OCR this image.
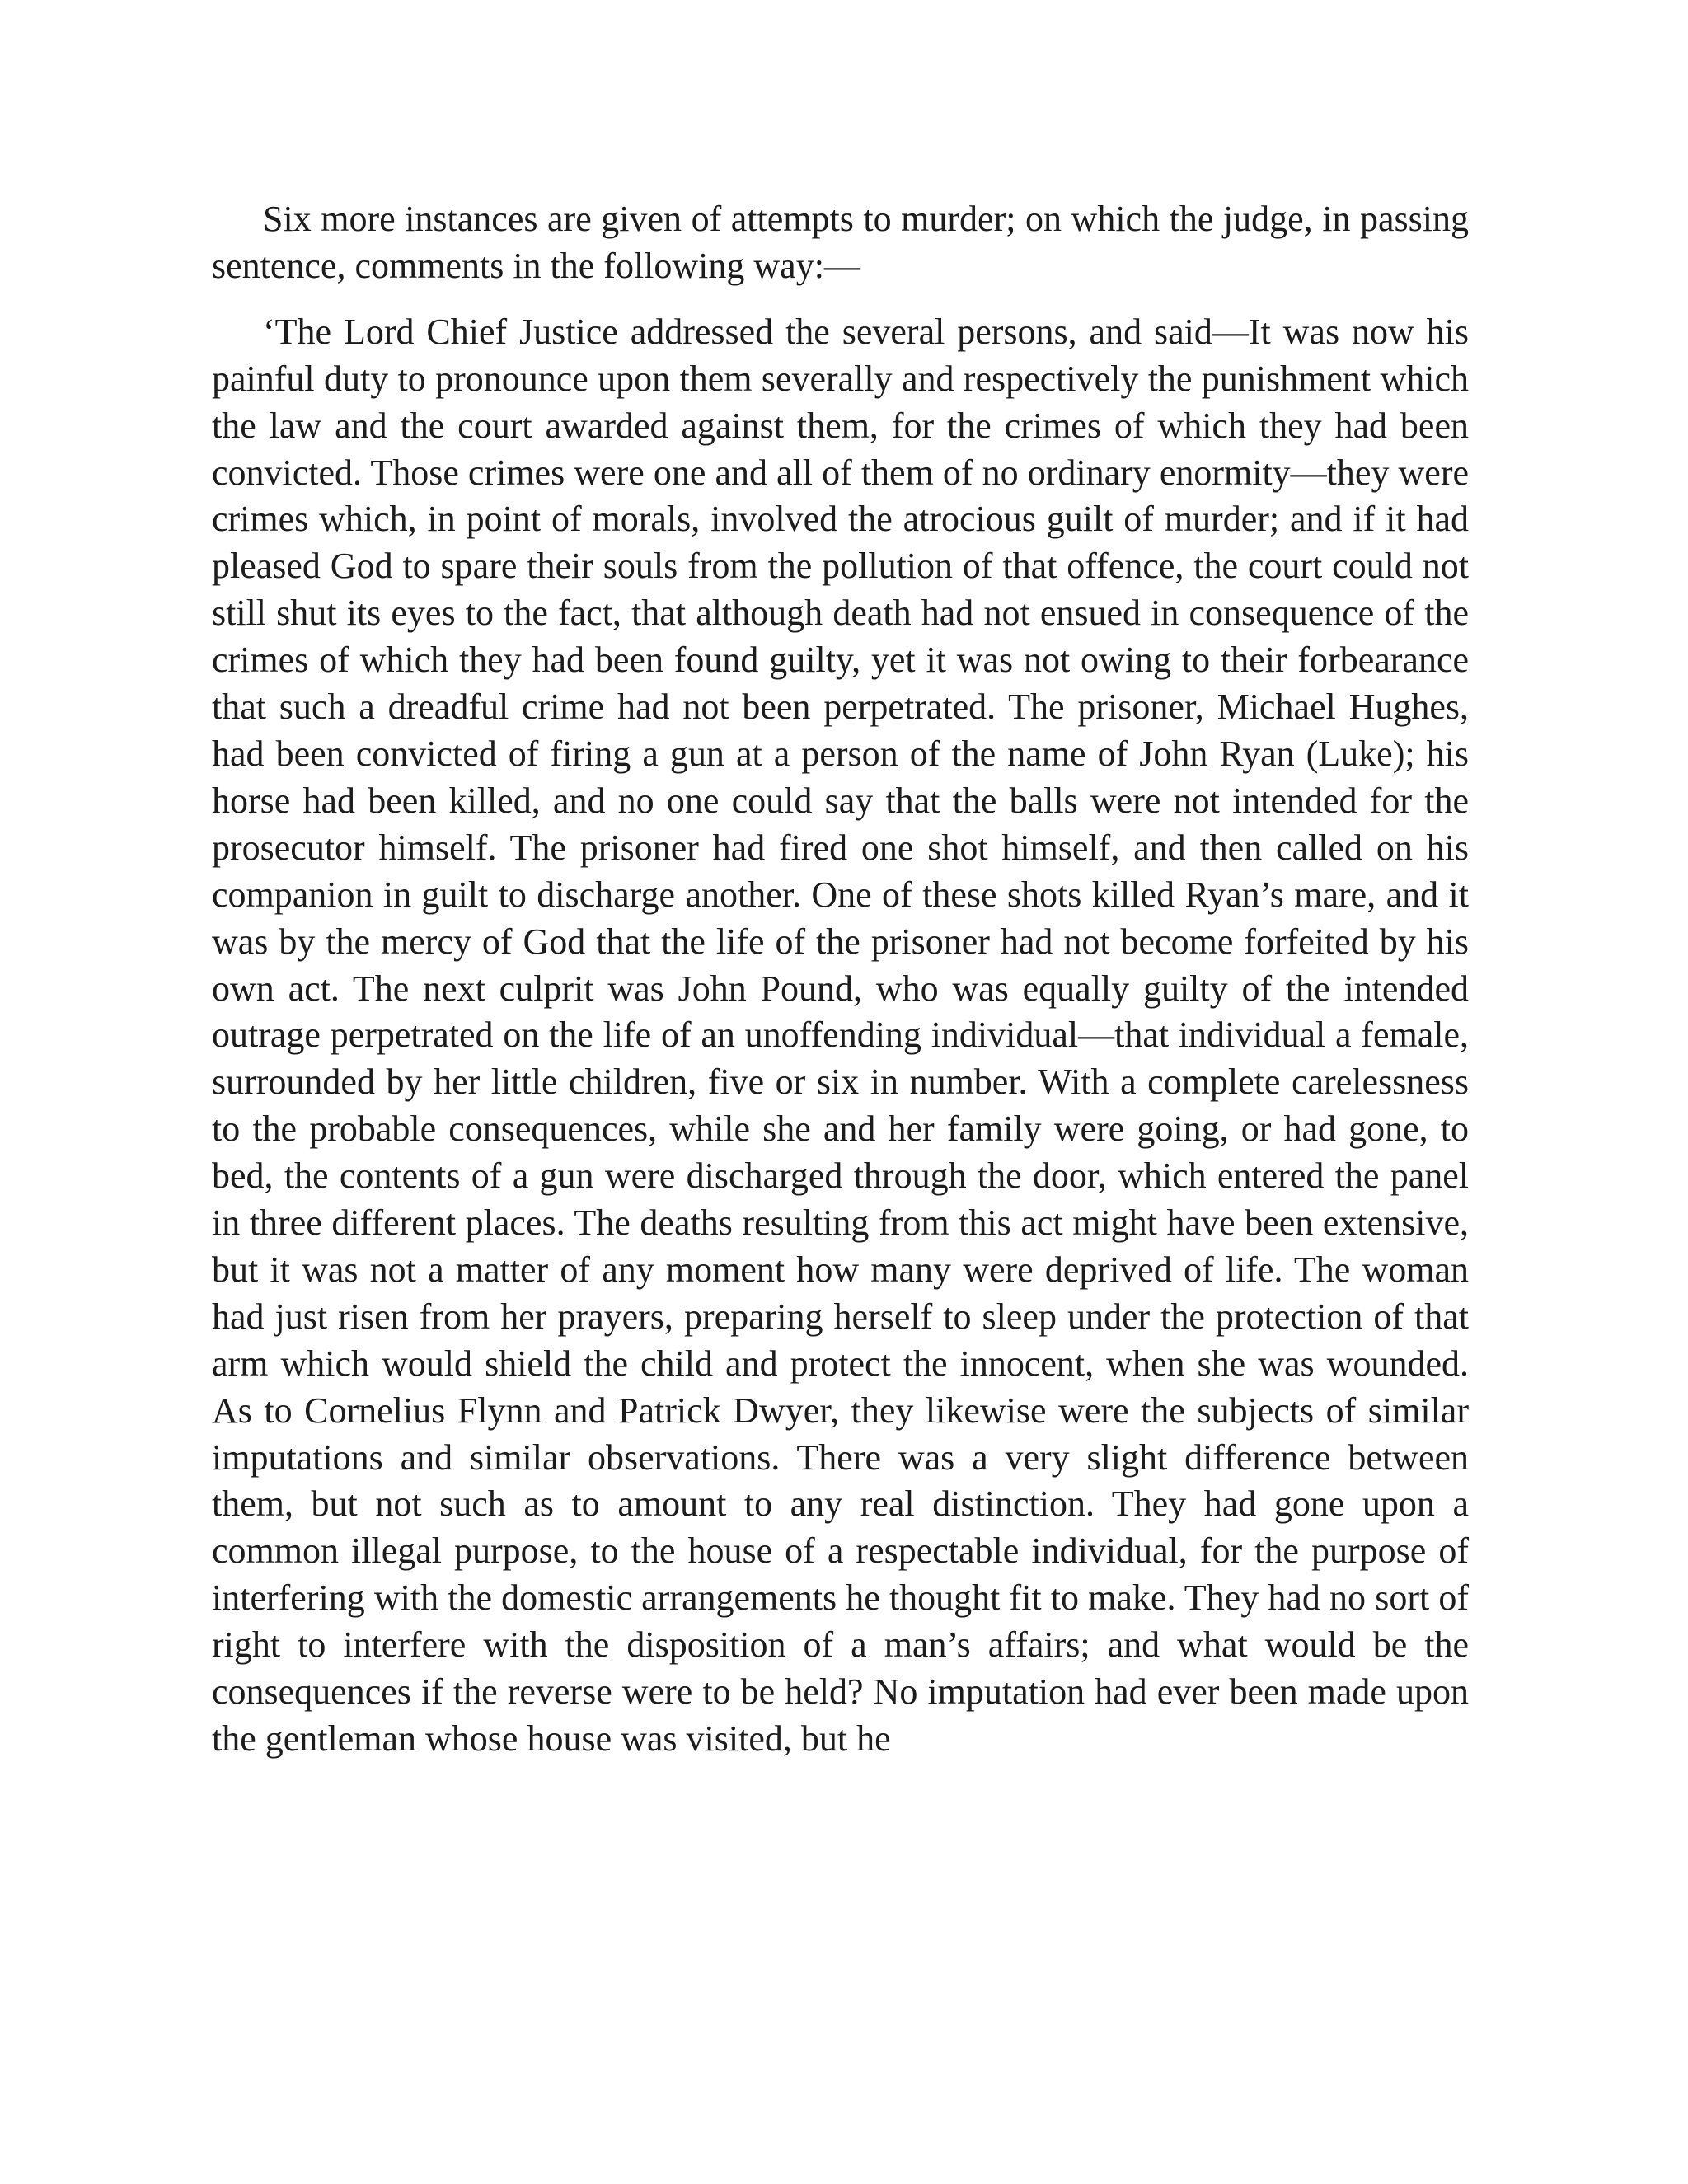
Six more instances are given of attempts to murder; on which the judge, in passing sentence, comments in the following way:—

‘The Lord Chief Justice addressed the several persons, and said—It was now his painful duty to pronounce upon them severally and respectively the punishment which the law and the court awarded against them, for the crimes of which they had been convicted. Those crimes were one and all of them of no ordinary enormity—they were crimes which, in point of morals, involved the atrocious guilt of murder; and if it had pleased God to spare their souls from the pollution of that offence, the court could not still shut its eyes to the fact, that although death had not ensued in consequence of the crimes of which they had been found guilty, yet it was not owing to their forbearance that such a dreadful crime had not been perpetrated. The prisoner, Michael Hughes, had been convicted of firing a gun at a person of the name of John Ryan (Luke); his horse had been killed, and no one could say that the balls were not intended for the prosecutor himself. The prisoner had fired one shot himself, and then called on his companion in guilt to discharge another. One of these shots killed Ryan’s mare, and it was by the mercy of God that the life of the prisoner had not become forfeited by his own act. The next culprit was John Pound, who was equally guilty of the intended outrage perpetrated on the life of an unoffending individual—that individual a female, surrounded by her little children, five or six in number. With a complete carelessness to the probable consequences, while she and her family were going, or had gone, to bed, the contents of a gun were discharged through the door, which entered the panel in three different places. The deaths resulting from this act might have been extensive, but it was not a matter of any moment how many were deprived of life. The woman had just risen from her prayers, preparing herself to sleep under the protection of that arm which would shield the child and protect the innocent, when she was wounded. As to Cornelius Flynn and Patrick Dwyer, they likewise were the subjects of similar imputations and similar observations. There was a very slight difference between them, but not such as to amount to any real distinction. They had gone upon a common illegal purpose, to the house of a respectable individual, for the purpose of interfering with the domestic arrangements he thought fit to make. They had no sort of right to interfere with the disposition of a man’s affairs; and what would be the consequences if the reverse were to be held? No imputation had ever been made upon the gentleman whose house was visited, but he
